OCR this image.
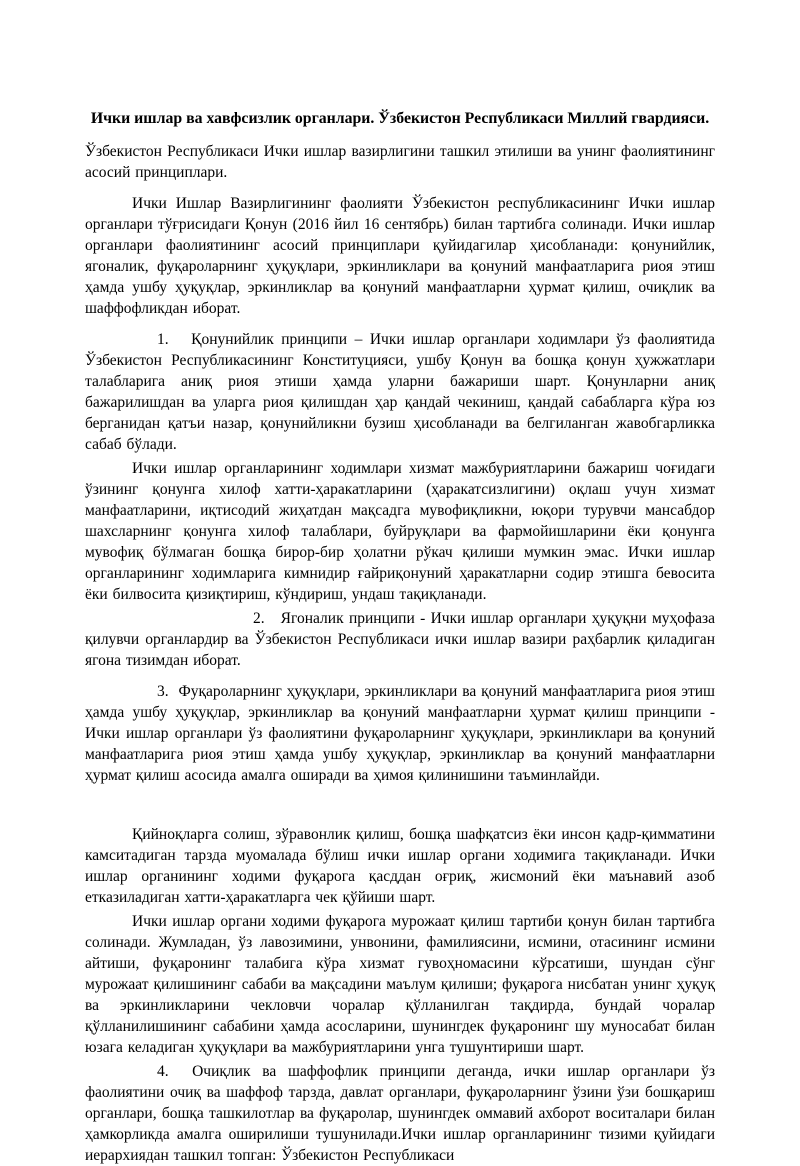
Ички ишлар ва хавфсизлик органлари. Ўзбекистон Республикаси Миллий гвардияси.

Ўзбекистон Республикаси Ички ишлар вазирлигини ташкил этилиши ва унинг фаолиятининг асосий принциплари.

Ички Ишлар Вазирлигининг фаолияти Ўзбекистон республикасининг Ички ишлар органлари тўғрисидаги Қонун (2016 йил 16 сентябрь) билан тартибга солинади. Ички ишлар органлари фаолиятининг асосий принциплари қуйидагилар ҳисобланади: қонунийлик, ягоналик, фуқароларнинг ҳуқуқлари, эркинликлари ва қонуний манфаатларига риоя этиш ҳамда ушбу ҳуқуқлар, эркинликлар ва қонуний манфаатларни ҳурмат қилиш, очиқлик ва шаффофликдан иборат.

1.   Қонунийлик принципи – Ички ишлар органлари ходимлари ўз фаолиятида Ўзбекистон Республикасининг Конституцияси, ушбу Қонун ва бошқа қонун ҳужжатлари талабларига аниқ риоя этиши ҳамда уларни бажариши шарт. Қонунларни аниқ бажарилишдан ва уларга риоя қилишдан ҳар қандай чекиниш, қандай сабабларга кўра юз берганидан қатъи назар, қонунийликни бузиш ҳисобланади ва белгиланган жавобгарликка сабаб бўлади.

Ички ишлар органларининг ходимлари хизмат мажбуриятларини бажариш чоғидаги ўзининг қонунга хилоф хатти-ҳаракатларини (ҳаракатсизлигини) оқлаш учун хизмат манфаатларини, иқтисодий жиҳатдан мақсадга мувофиқликни, юқори турувчи мансабдор шахсларнинг қонунга хилоф талаблари, буйруқлари ва фармойишларини ёки қонунга мувофиқ бўлмаган бошқа бирор-бир ҳолатни рўкач қилиши мумкин эмас. Ички ишлар органларининг ходимларига кимнидир ғайриқонуний ҳаракатларни содир этишга бевосита ёки билвосита қизиқтириш, кўндириш, ундаш тақиқланади.

2.   Ягоналик принципи - Ички ишлар органлари ҳуқуқни муҳофаза қилувчи органлардир ва Ўзбекистон Республикаси ички ишлар вазири раҳбарлик қиладиган ягона тизимдан иборат.

3.  Фуқароларнинг ҳуқуқлари, эркинликлари ва қонуний манфаатларига риоя этиш ҳамда ушбу ҳуқуқлар, эркинликлар ва қонуний манфаатларни ҳурмат қилиш принципи - Ички ишлар органлари ўз фаолиятини фуқароларнинг ҳуқуқлари, эркинликлари ва қонуний манфаатларига риоя этиш ҳамда ушбу ҳуқуқлар, эркинликлар ва қонуний манфаатларни ҳурмат қилиш асосида амалга оширади ва ҳимоя қилинишини таъминлайди.

Қийноқларга солиш, зўравонлик қилиш, бошқа шафқатсиз ёки инсон қадр-қимматини камситадиган тарзда муомалада бўлиш ички ишлар органи ходимига тақиқланади. Ички ишлар органининг ходими фуқарога қасддан оғриқ, жисмоний ёки маънавий азоб етказиладиган хатти-ҳаракатларга чек қўйиши шарт.

Ички ишлар органи ходими фуқарога мурожаат қилиш тартиби қонун билан тартибга солинади. Жумладан, ўз лавозимини, унвонини, фамилиясини, исмини, отасининг исмини айтиши, фуқаронинг талабига кўра хизмат гувоҳномасини кўрсатиши, шундан сўнг мурожаат қилишининг сабаби ва мақсадини маълум қилиши; фуқарога нисбатан унинг ҳуқуқ ва эркинликларини чекловчи чоралар қўлланилган тақдирда, бундай чоралар қўлланилишининг сабабини ҳамда асосларини, шунингдек фуқаронинг шу муносабат билан юзага келадиган ҳуқуқлари ва мажбуриятларини унга тушунтириши шарт.

4.  Очиқлик ва шаффофлик принципи деганда, ички ишлар органлари ўз фаолиятини очиқ ва шаффоф тарзда, давлат органлари, фуқароларнинг ўзини ўзи бошқариш органлари, бошқа ташкилотлар ва фуқаролар, шунингдек оммавий ахборот воситалари билан ҳамкорликда амалга оширилиши тушунилади.Ички ишлар органларининг тизими қуйидаги иерархиядан ташкил топган: Ўзбекистон Республикаси
